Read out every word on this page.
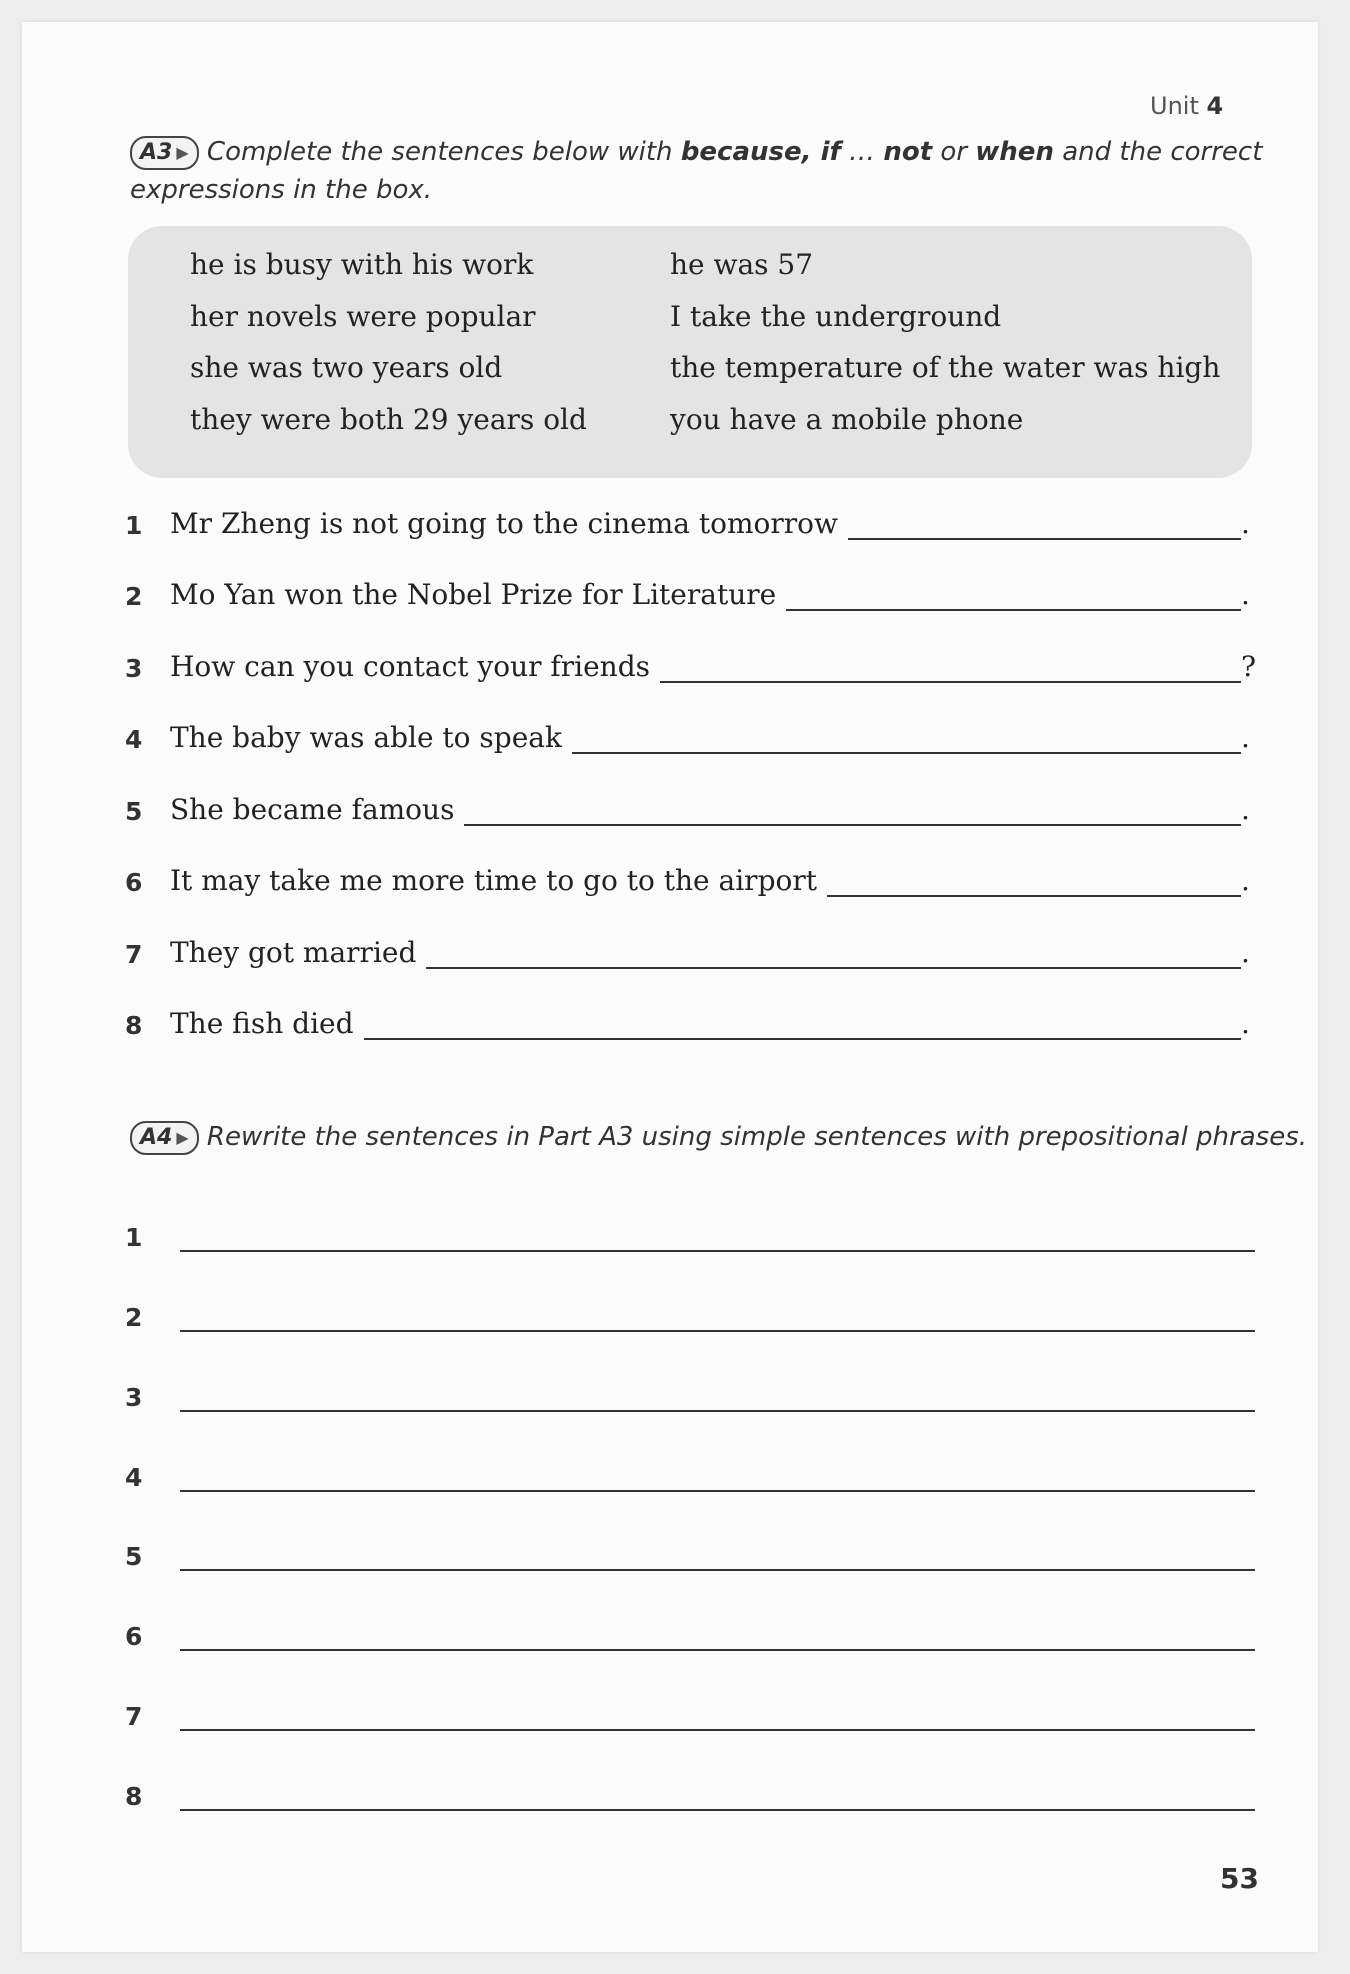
Unit 4
A3 ▶ Complete the sentences below with because, if … not or when and the correct
expressions in the box.
he is busy with his work
her novels were popular
she was two years old
they were both 29 years old
he was 57
I take the underground
the temperature of the water was high
you have a mobile phone
1 Mr Zheng is not going to the cinema tomorrow	.
2 Mo Yan won the Nobel Prize for Literature	.
3 How can you contact your friends	?
4 The baby was able to speak	.
5 She became famous	.
6 It may take me more time to go to the airport	.
7 They got married	.
8 The fish died	.
A4 ▶ Rewrite the sentences in Part A3 using simple sentences with prepositional phrases.
1
2
3
4
5
6
7
8
53
